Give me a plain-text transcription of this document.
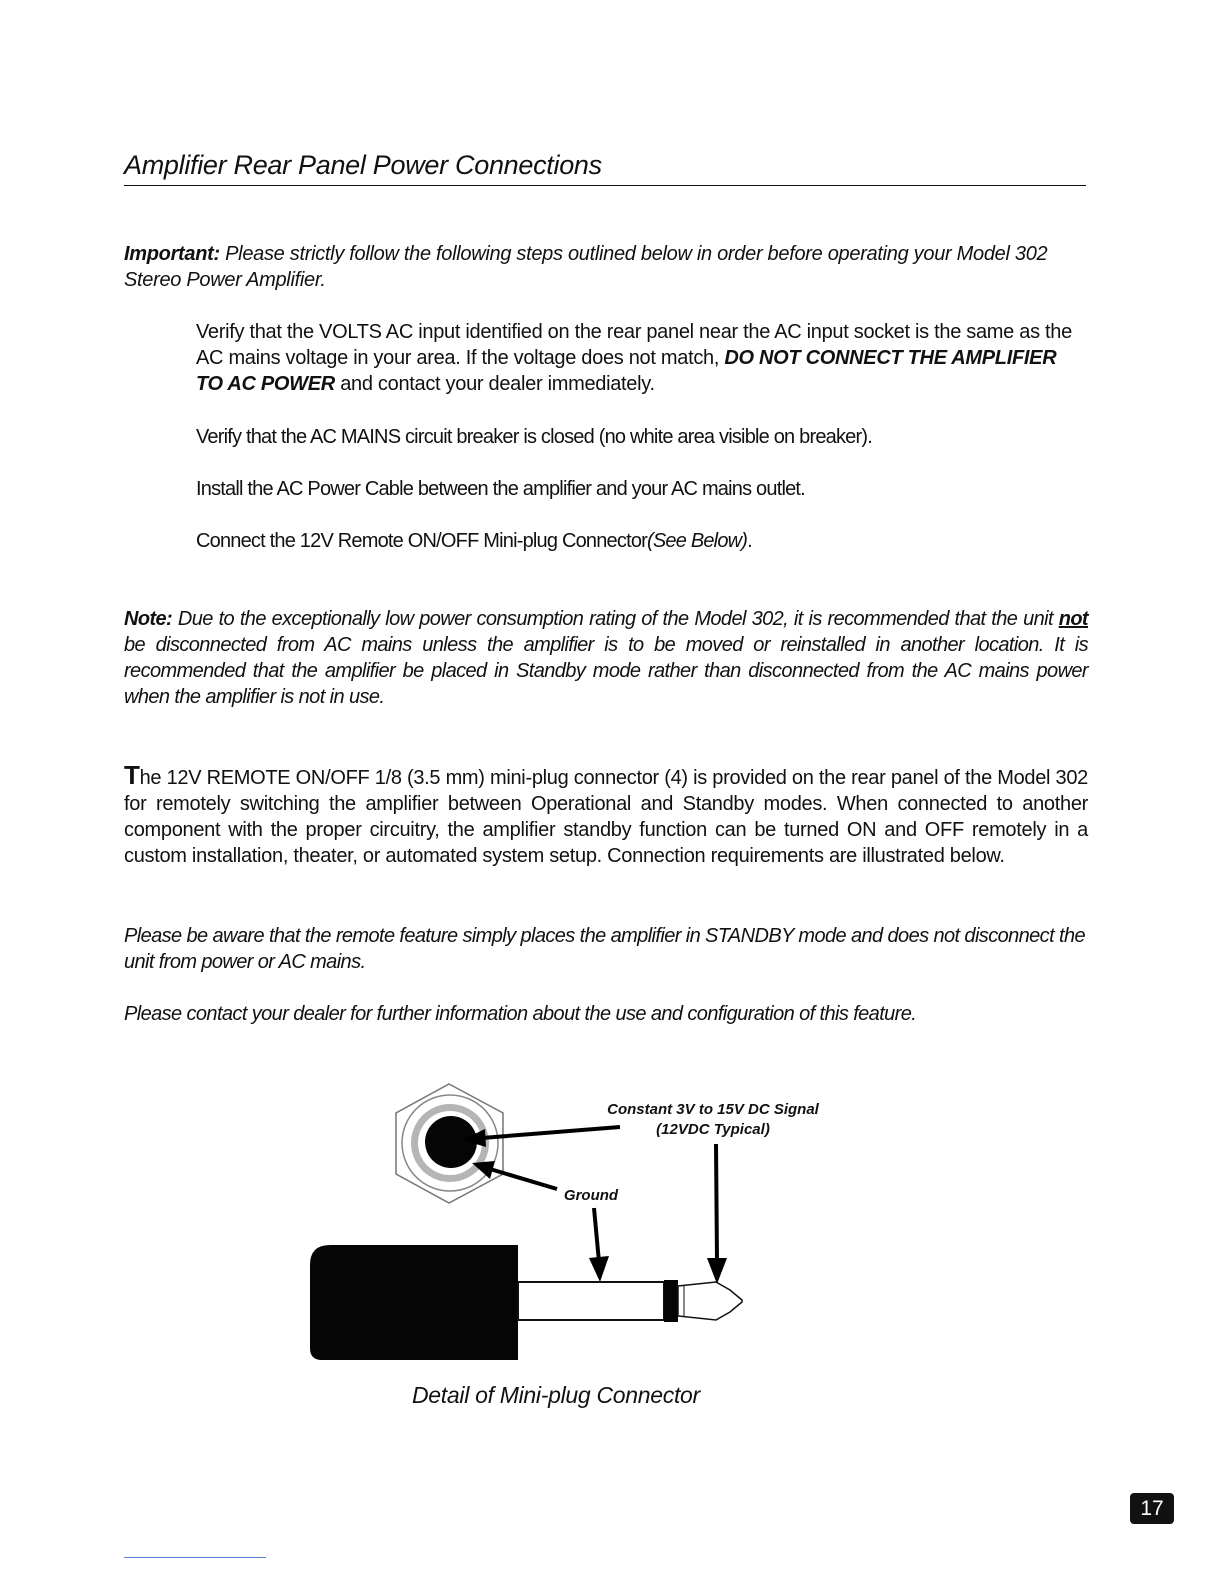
Amplifier Rear Panel Power Connections
Important: Please strictly follow the following steps outlined below in order before operating your Model 302 Stereo Power Amplifier.
Verify that the VOLTS AC input identified on the rear panel near the AC input socket is the same as the AC mains voltage in your area. If the voltage does not match, DO NOT CONNECT THE AMPLIFIER TO AC POWER and contact your dealer immediately.
Verify that the AC MAINS circuit breaker is closed (no white area visible on breaker).
Install the AC Power Cable between the amplifier and your AC mains outlet.
Connect the 12V Remote ON/OFF Mini-plug Connector(See Below).
Note: Due to the exceptionally low power consumption rating of the Model 302, it is recommended that the unit not be disconnected from AC mains unless the amplifier is to be moved or reinstalled in another location. It is recommended that the amplifier be placed in Standby mode rather than disconnected from the AC mains power when the amplifier is not in use.
The 12V REMOTE ON/OFF 1/8 (3.5 mm) mini-plug connector (4) is provided on the rear panel of the Model 302 for remotely switching the amplifier between Operational and Standby modes. When connected to another component with the proper circuitry, the amplifier standby function can be turned ON and OFF remotely in a custom installation, theater, or automated system setup. Connection requirements are illustrated below.
Please be aware that the remote feature simply places the amplifier in STANDBY mode and does not disconnect the unit from power or AC mains.
Please contact your dealer for further information about the use and configuration of this feature.
Constant 3V to 15V DC Signal
(12VDC Typical)
Ground
Detail of Mini-plug Connector
17
